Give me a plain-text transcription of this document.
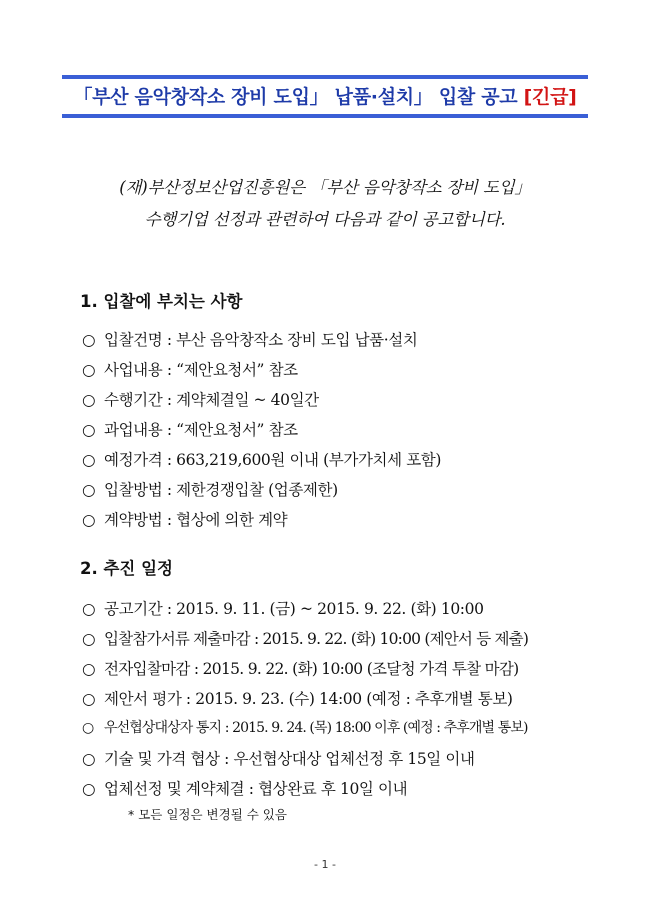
「부산 음악창작소 장비 도입」 납품·설치」 입찰 공고 [긴급]
(재)부산정보산업진흥원은 「부산 음악창작소 장비 도입」
수행기업 선정과 관련하여 다음과 같이 공고합니다.
1. 입찰에 부치는 사항
○ 입찰건명 : 부산 음악창작소 장비 도입 납품·설치
○ 사업내용 : “제안요청서” 참조
○ 수행기간 : 계약체결일 ~ 40일간
○ 과업내용 : “제안요청서” 참조
○ 예정가격 : 663,219,600원 이내 (부가가치세 포함)
○ 입찰방법 : 제한경쟁입찰 (업종제한)
○ 계약방법 : 협상에 의한 계약
2. 추진 일정
○ 공고기간 : 2015. 9. 11. (금) ~ 2015. 9. 22. (화) 10:00
○ 입찰참가서류 제출마감 : 2015. 9. 22. (화) 10:00 (제안서 등 제출)
○ 전자입찰마감 : 2015. 9. 22. (화) 10:00 (조달청 가격 투찰 마감)
○ 제안서 평가 : 2015. 9. 23. (수) 14:00 (예정 : 추후개별 통보)
○ 우선협상대상자 통지 : 2015. 9. 24. (목) 18:00 이후 (예정 : 추후개별 통보)
○ 기술 및 가격 협상 : 우선협상대상 업체선정 후 15일 이내
○ 업체선정 및 계약체결 : 협상완료 후 10일 이내
* 모든 일정은 변경될 수 있음
- 1 -
